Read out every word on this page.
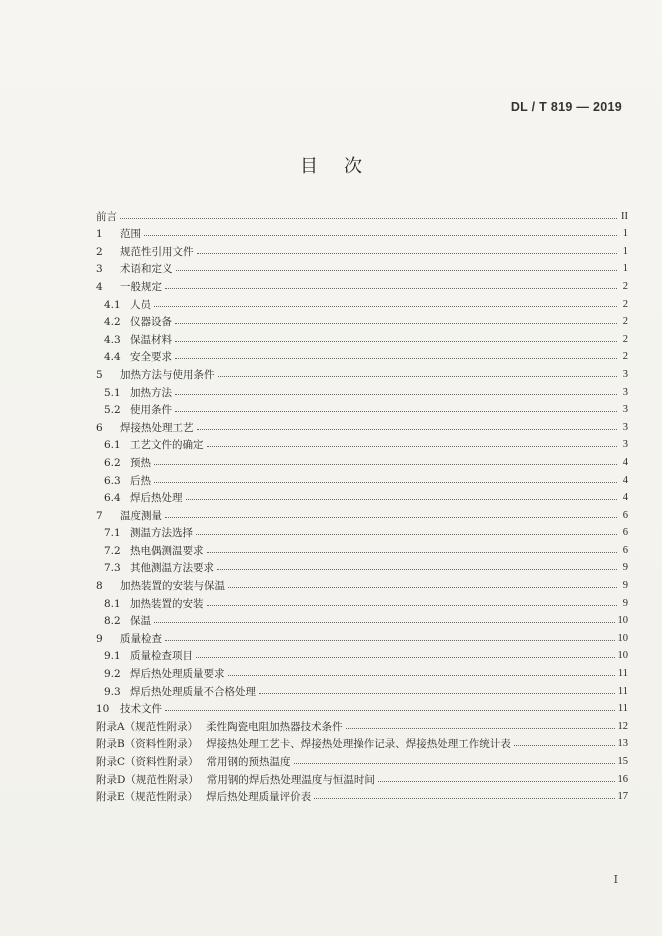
DL / T 819 — 2019
目次
前言	II
1	范围	1
2	规范性引用文件	1
3	术语和定义	1
4	一般规定	2
4.1 人员	2
4.2 仪器设备	2
4.3 保温材料	2
4.4 安全要求	2
5	加热方法与使用条件	3
5.1 加热方法	3
5.2 使用条件	3
6	焊接热处理工艺	3
6.1 工艺文件的确定	3
6.2 预热	4
6.3 后热	4
6.4 焊后热处理	4
7	温度测量	6
7.1 测温方法选择	6
7.2 热电偶测温要求	6
7.3 其他测温方法要求	9
8	加热装置的安装与保温	9
8.1 加热装置的安装	9
8.2 保温	10
9	质量检查	10
9.1 质量检查项目	10
9.2 焊后热处理质量要求	11
9.3 焊后热处理质量不合格处理	11
10	技术文件	11
附录A（规范性附录） 柔性陶瓷电阻加热器技术条件	12
附录B（资料性附录） 焊接热处理工艺卡、焊接热处理操作记录、焊接热处理工作统计表	13
附录C（资料性附录） 常用钢的预热温度	15
附录D（规范性附录） 常用钢的焊后热处理温度与恒温时间	16
附录E（规范性附录） 焊后热处理质量评价表	17
I
